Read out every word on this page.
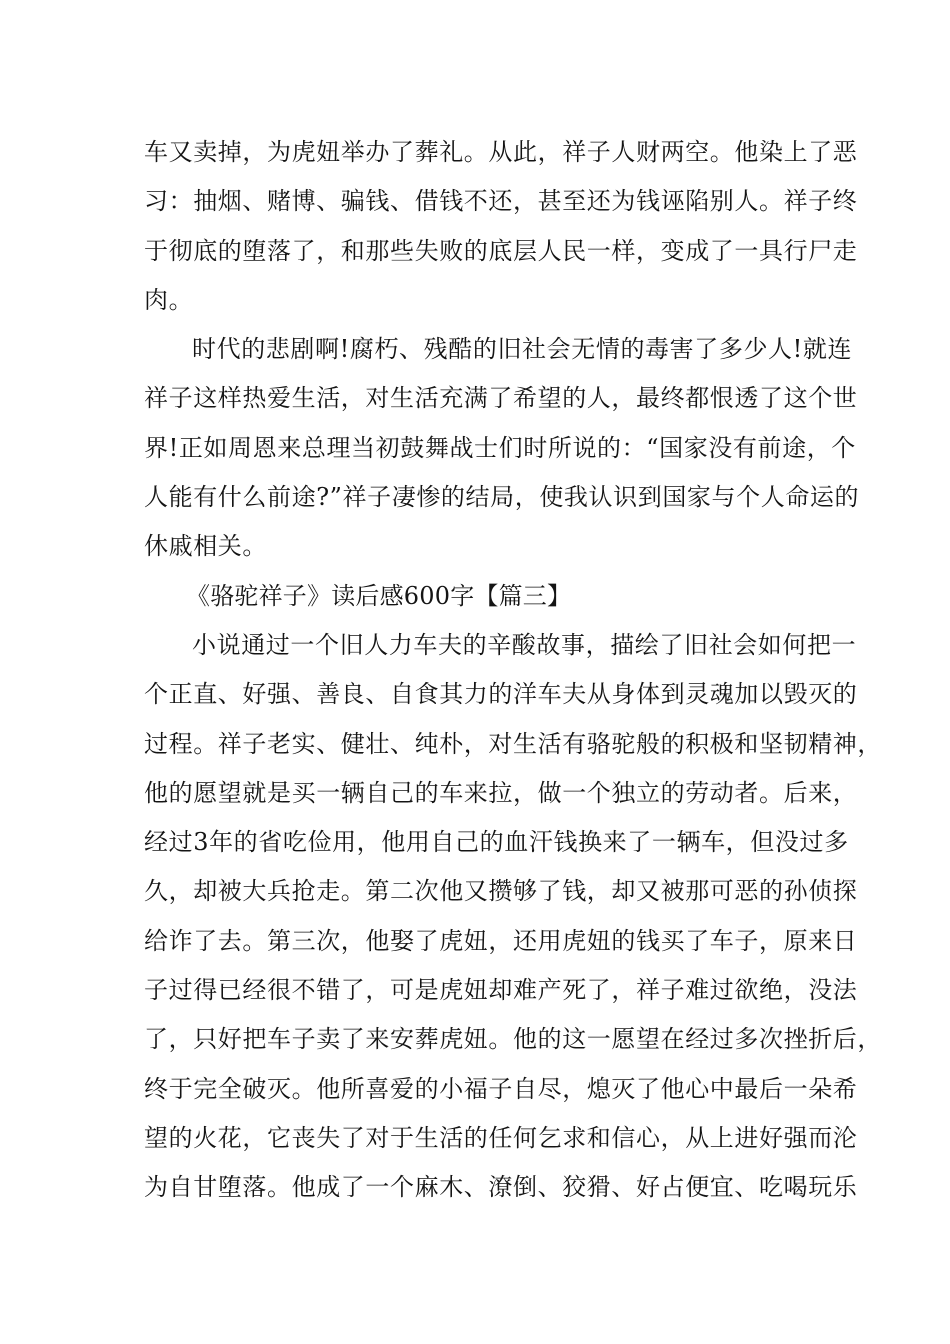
车又卖掉，为虎妞举办了葬礼。从此，祥子人财两空。他染上了恶
习：抽烟、赌博、骗钱、借钱不还，甚至还为钱诬陷别人。祥子终
于彻底的堕落了，和那些失败的底层人民一样，变成了一具行尸走
肉。
时代的悲剧啊!腐朽、残酷的旧社会无情的毒害了多少人!就连
祥子这样热爱生活，对生活充满了希望的人，最终都恨透了这个世
界!正如周恩来总理当初鼓舞战士们时所说的：“国家没有前途，个
人能有什么前途?”祥子凄惨的结局，使我认识到国家与个人命运的
休戚相关。
《骆驼祥子》读后感600字【篇三】
小说通过一个旧人力车夫的辛酸故事，描绘了旧社会如何把一
个正直、好强、善良、自食其力的洋车夫从身体到灵魂加以毁灭的
过程。祥子老实、健壮、纯朴，对生活有骆驼般的积极和坚韧精神，
他的愿望就是买一辆自己的车来拉，做一个独立的劳动者。后来，
经过3年的省吃俭用，他用自己的血汗钱换来了一辆车，但没过多
久，却被大兵抢走。第二次他又攒够了钱，却又被那可恶的孙侦探
给诈了去。第三次，他娶了虎妞，还用虎妞的钱买了车子，原来日
子过得已经很不错了，可是虎妞却难产死了，祥子难过欲绝，没法
了，只好把车子卖了来安葬虎妞。他的这一愿望在经过多次挫折后，
终于完全破灭。他所喜爱的小福子自尽，熄灭了他心中最后一朵希
望的火花，它丧失了对于生活的任何乞求和信心，从上进好强而沦
为自甘堕落。他成了一个麻木、潦倒、狡猾、好占便宜、吃喝玩乐
